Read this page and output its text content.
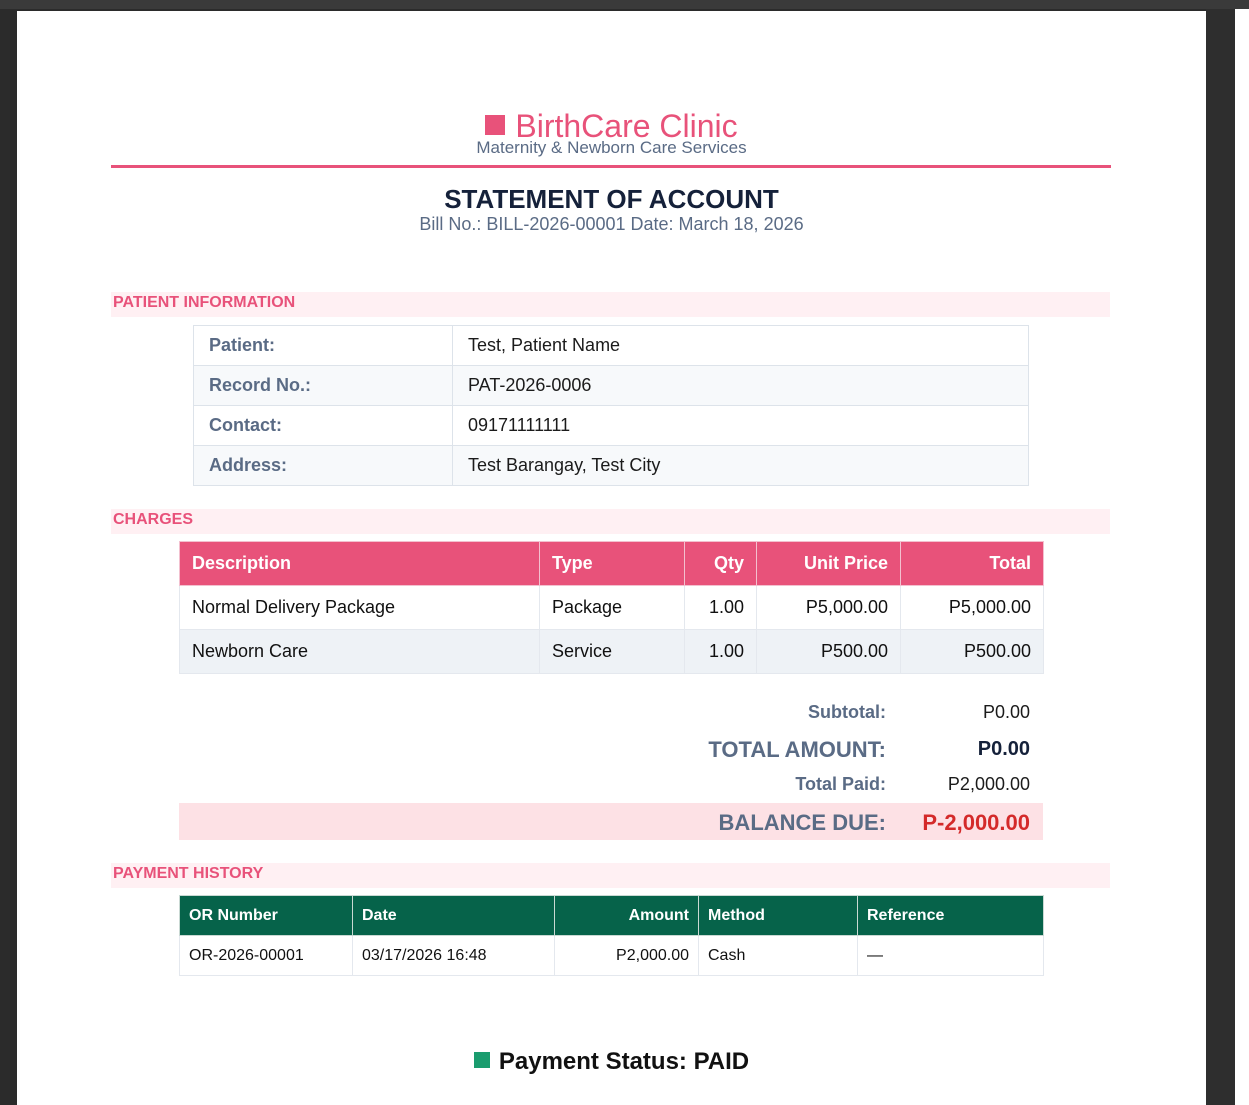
BirthCare Clinic
Maternity & Newborn Care Services
STATEMENT OF ACCOUNT
Bill No.: BILL-2026-00001 Date: March 18, 2026
PATIENT INFORMATION
Patient:	Test, Patient Name
Record No.:	PAT-2026-0006
Contact:	09171111111
Address:	Test Barangay, Test City
CHARGES
Description	Type	Qty	Unit Price	Total
Normal Delivery Package	Package	1.00	P5,000.00	P5,000.00
Newborn Care	Service	1.00	P500.00	P500.00
Subtotal:	P0.00
TOTAL AMOUNT:	P0.00
Total Paid:	P2,000.00
BALANCE DUE: P-2,000.00
PAYMENT HISTORY
OR Number	Date	Amount	Method	Reference
OR-2026-00001	03/17/2026 16:48	P2,000.00	Cash	—
Payment Status: PAID
